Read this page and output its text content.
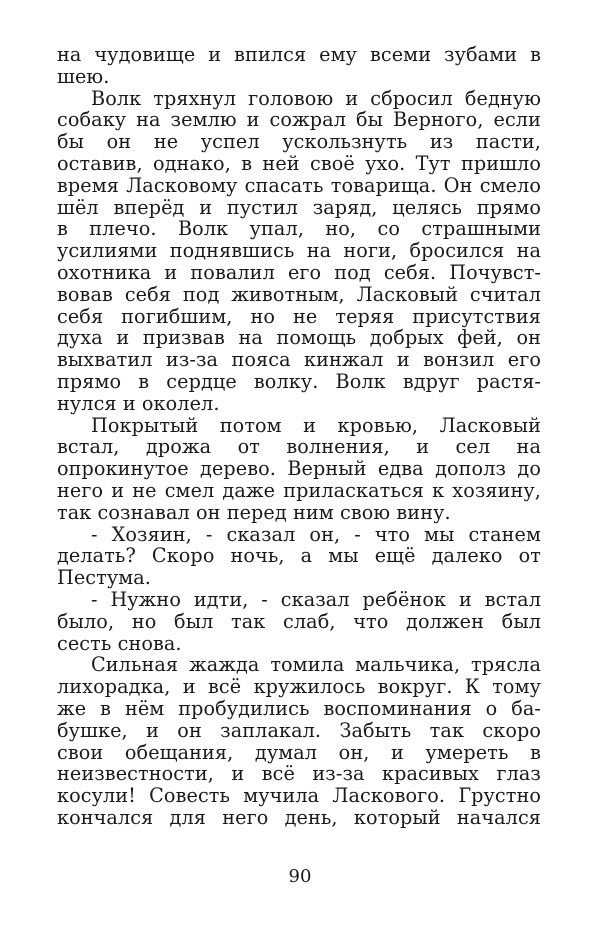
на чудовище и впился ему всеми зубами в
шею.

Волк тряхнул головою и сбросил бедную
собаку на землю и сожрал бы Верного, если
бы он не успел ускользнуть из пасти,
оставив, однако, в ней своё ухо. Тут пришло
время Ласковому спасать товарища. Он смело
шёл вперёд и пустил заряд, целясь прямо
в плечо. Волк упал, но, со страшными
усилиями поднявшись на ноги, бросился на
охотника и повалил его под себя. Почувст-
вовав себя под животным, Ласковый считал
себя погибшим, но не теряя присутствия
духа и призвав на помощь добрых фей, он
выхватил из-за пояса кинжал и вонзил его
прямо в сердце волку. Волк вдруг растя-
нулся и околел.

Покрытый потом и кровью, Ласковый
встал, дрожа от волнения, и сел на
опрокинутое дерево. Верный едва дополз до
него и не смел даже приласкаться к хозяину,
так сознавал он перед ним свою вину.

- Хозяин, - сказал он, - что мы станем
делать? Скоро ночь, а мы ещё далеко от
Пестума.

- Нужно идти, - сказал ребёнок и встал
было, но был так слаб, что должен был
сесть снова.

Сильная жажда томила мальчика, трясла
лихорадка, и всё кружилось вокруг. К тому
же в нём пробудились воспоминания о ба-
бушке, и он заплакал. Забыть так скоро
свои обещания, думал он, и умереть в
неизвестности, и всё из-за красивых глаз
косули! Совесть мучила Ласкового. Грустно
кончался для него день, который начался

90
